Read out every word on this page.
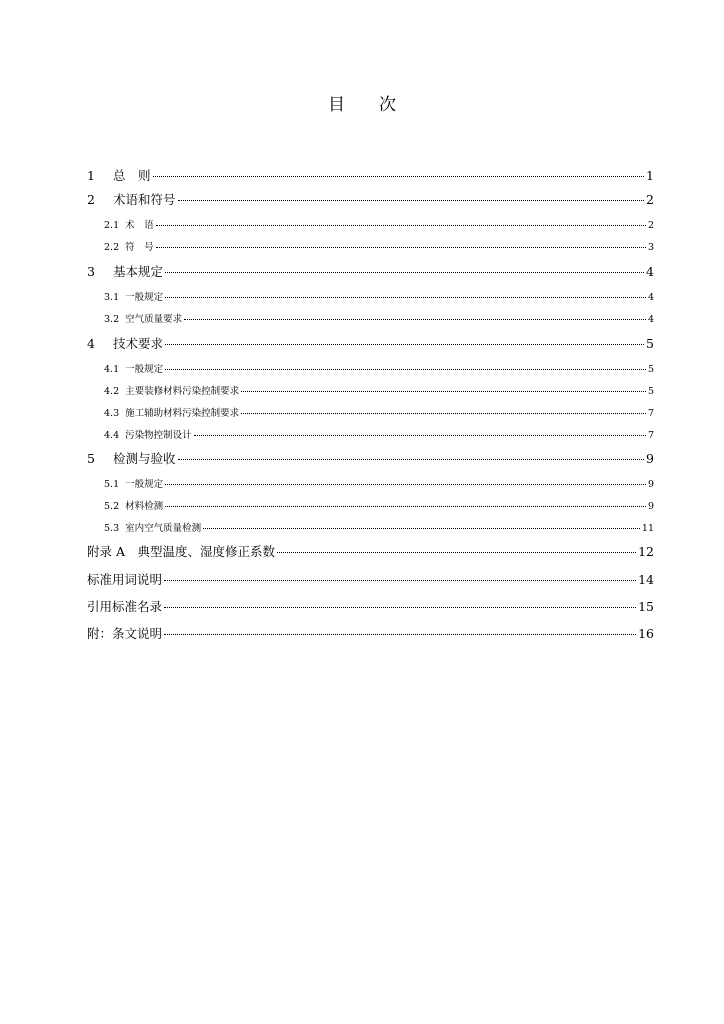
目 次
1	总　则	1
2	术语和符号	2
2.1 术　语	2
2.2 符　号	3
3	基本规定	4
3.1 一般规定	4
3.2 空气质量要求	4
4	技术要求	5
4.1 一般规定	5
4.2 主要装修材料污染控制要求	5
4.3 施工辅助材料污染控制要求	7
4.4 污染物控制设计	7
5	检测与验收	9
5.1 一般规定	9
5.2 材料检测	9
5.3 室内空气质量检测	11
附录 A　典型温度、湿度修正系数	12
标准用词说明	14
引用标准名录	15
附：条文说明	16
